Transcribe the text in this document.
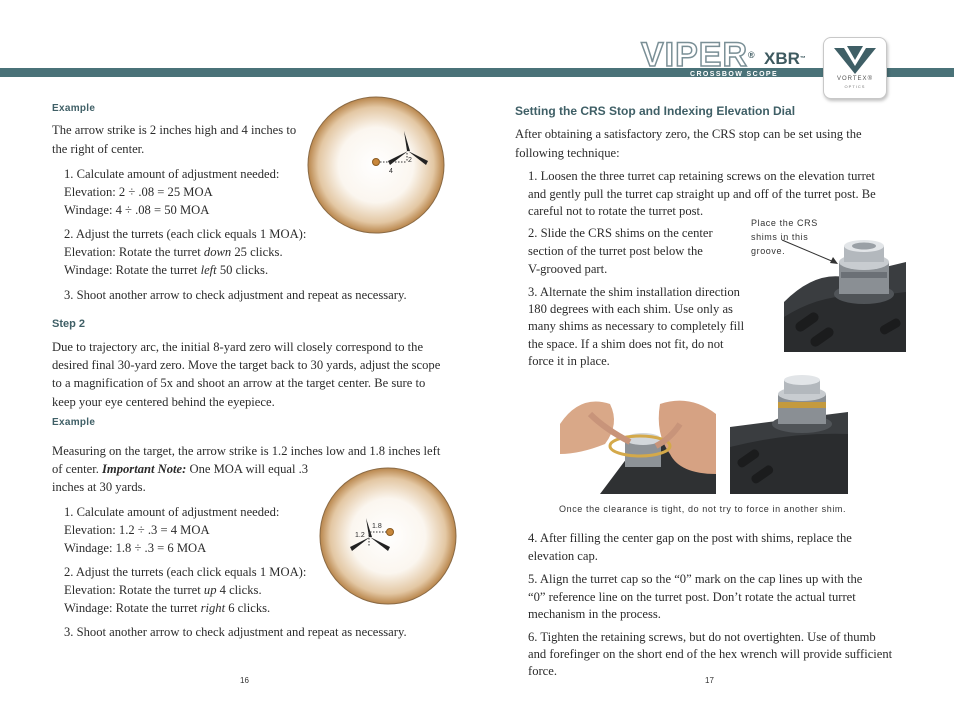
VIPER® XBR™
CROSSBOW SCOPE
VORTEX®
OPTICS
Example
The arrow strike is 2 inches high and 4 inches to
the right of center.
1. Calculate amount of adjustment needed:
Elevation: 2 ÷ .08 = 25 MOA
Windage: 4 ÷ .08 = 50 MOA
2. Adjust the turrets (each click equals 1 MOA):
Elevation: Rotate the turret down 25 clicks.
Windage: Rotate the turret left 50 clicks.
3. Shoot another arrow to check adjustment and repeat as necessary.
2
4
Step 2
Due to trajectory arc, the initial 8-yard zero will closely correspond to the
desired final 30-yard zero. Move the target back to 30 yards, adjust the scope
to a magnification of 5x and shoot an arrow at the target center. Be sure to
keep your eye centered behind the eyepiece.
Example
Measuring on the target, the arrow strike is 1.2 inches low and 1.8 inches left
of center. Important Note: One MOA will equal .3
inches at 30 yards.
1. Calculate amount of adjustment needed:
Elevation: 1.2 ÷ .3 = 4 MOA
Windage: 1.8 ÷ .3 = 6 MOA
2. Adjust the turrets (each click equals 1 MOA):
Elevation: Rotate the turret up 4 clicks.
Windage: Rotate the turret right 6 clicks.
3. Shoot another arrow to check adjustment and repeat as necessary.
1.8
1.2
16
Setting the CRS Stop and Indexing Elevation Dial
After obtaining a satisfactory zero, the CRS stop can be set using the
following technique:
1. Loosen the three turret cap retaining screws on the elevation turret
and gently pull the turret cap straight up and off of the turret post. Be
careful not to rotate the turret post.
2. Slide the CRS shims on the center
section of the turret post below the
V-grooved part.
3. Alternate the shim installation direction
180 degrees with each shim. Use only as
many shims as necessary to completely fill
the space. If a shim does not fit, do not
force it in place.
Place the CRS
shims in this
groove.
Once the clearance is tight, do not try to force in another shim.
4. After filling the center gap on the post with shims, replace the
elevation cap.
5. Align the turret cap so the “0” mark on the cap lines up with the
“0” reference line on the turret post. Don’t rotate the actual turret
mechanism in the process.
6. Tighten the retaining screws, but do not overtighten. Use of thumb
and forefinger on the short end of the hex wrench will provide sufficient
force.
17
